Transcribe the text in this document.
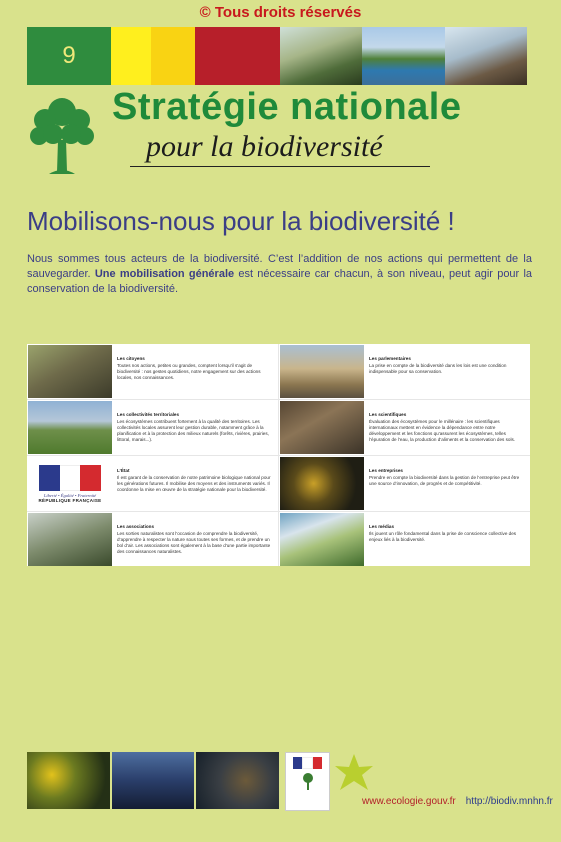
© Tous droits réservés
9
Stratégie nationale
pour la biodiversité
Mobilisons-nous pour la biodiversité !
Nous sommes tous acteurs de la biodiversité. C’est l’addition de nos actions qui permettent de la sauvegarder. Une mobilisation générale est nécessaire car chacun, à son niveau, peut agir pour la conservation de la biodiversité.
Les citoyens
Toutes nos actions, petites ou grandes, comptent lorsqu’il s’agit de biodiversité : nos gestes quotidiens, notre engagement sur des actions locales, nos connaissances.
Les collectivités territoriales
Les écosystèmes contribuent fortement à la qualité des territoires. Les collectivités locales assurent leur gestion durable, notamment grâce à la planification et à la protection des milieux naturels (forêts, rivières, prairies, littoral, marais...).
Liberté • Égalité • Fraternité
RÉPUBLIQUE FRANÇAISE
L’État
Il est garant de la conservation de notre patrimoine biologique national pour les générations futures. Il mobilise des moyens et des instruments variés. Il coordonne la mise en œuvre de la stratégie nationale pour la biodiversité.
Les associations
Les sorties naturalistes sont l’occasion de comprendre la biodiversité, d’apprendre à respecter la nature sous toutes ses formes, et de prendre un bol d’air. Les associations sont également à la base d’une partie importante des connaissances naturalistes.
Les parlementaires
La prise en compte de la biodiversité dans les lois est une condition indispensable pour sa conservation.
Les scientifiques
Évaluation des écosystèmes pour le millénaire : les scientifiques internationaux mettent en évidence la dépendance entre notre développement et les fonctions qu’assurent les écosystèmes, telles l’épuration de l’eau, la production d’aliments et la conservation des sols.
Les entreprises
Prendre en compte la biodiversité dans la gestion de l’entreprise peut être une source d’innovation, de progrès et de compétitivité.
Les médias
Ils jouent un rôle fondamental dans la prise de conscience collective des enjeux liés à la biodiversité.
www.ecologie.gouv.fr http://biodiv.mnhn.fr
